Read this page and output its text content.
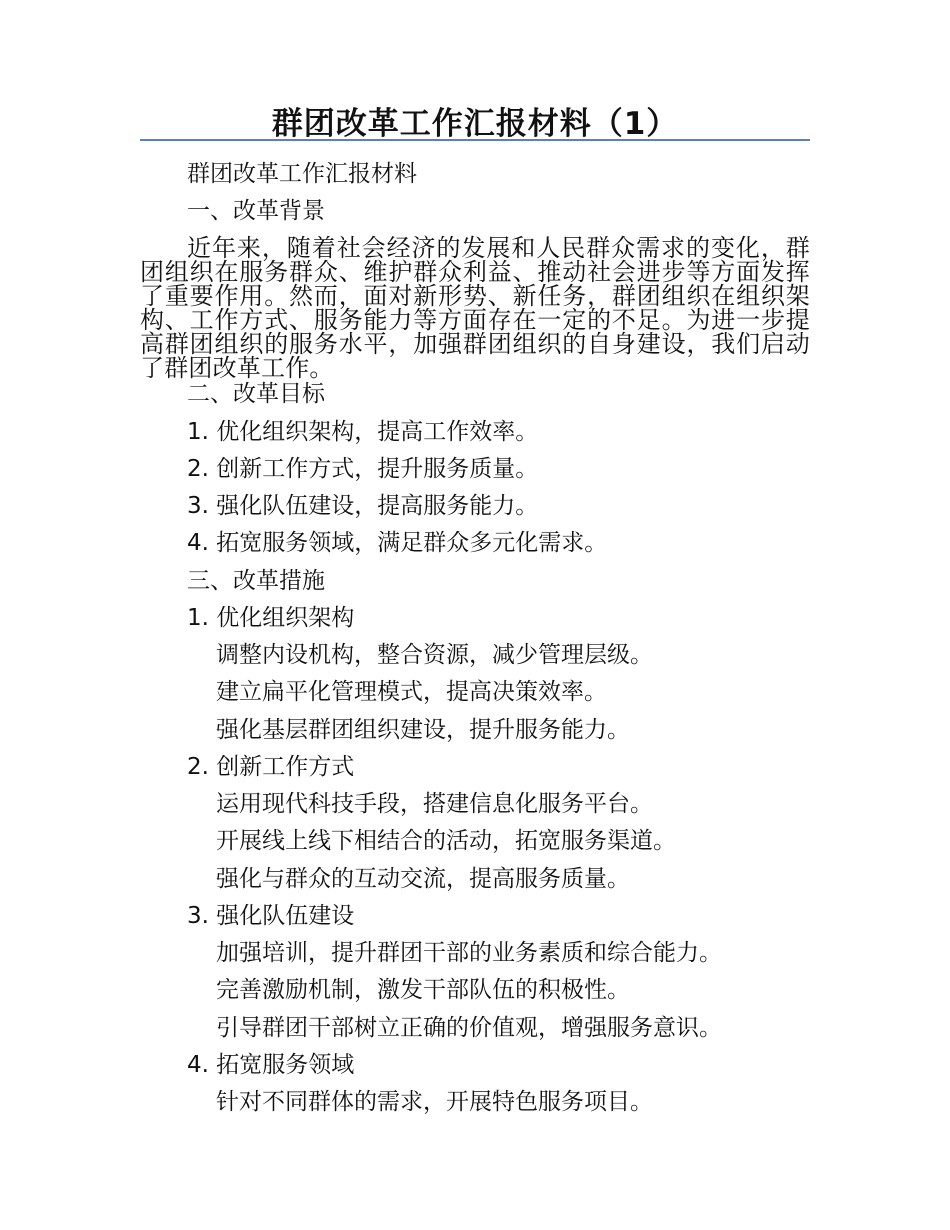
群团改革工作汇报材料（1）
群团改革工作汇报材料
一、改革背景
近年来，随着社会经济的发展和人民群众需求的变化，群团组织在服务群众、维护群众利益、推动社会进步等方面发挥了重要作用。然而，面对新形势、新任务，群团组织在组织架构、工作方式、服务能力等方面存在一定的不足。为进一步提高群团组织的服务水平，加强群团组织的自身建设，我们启动了群团改革工作。
二、改革目标
1. 优化组织架构，提高工作效率。
2. 创新工作方式，提升服务质量。
3. 强化队伍建设，提高服务能力。
4. 拓宽服务领域，满足群众多元化需求。
三、改革措施
1. 优化组织架构
调整内设机构，整合资源，减少管理层级。
建立扁平化管理模式，提高决策效率。
强化基层群团组织建设，提升服务能力。
2. 创新工作方式
运用现代科技手段，搭建信息化服务平台。
开展线上线下相结合的活动，拓宽服务渠道。
强化与群众的互动交流，提高服务质量。
3. 强化队伍建设
加强培训，提升群团干部的业务素质和综合能力。
完善激励机制，激发干部队伍的积极性。
引导群团干部树立正确的价值观，增强服务意识。
4. 拓宽服务领域
针对不同群体的需求，开展特色服务项目。
